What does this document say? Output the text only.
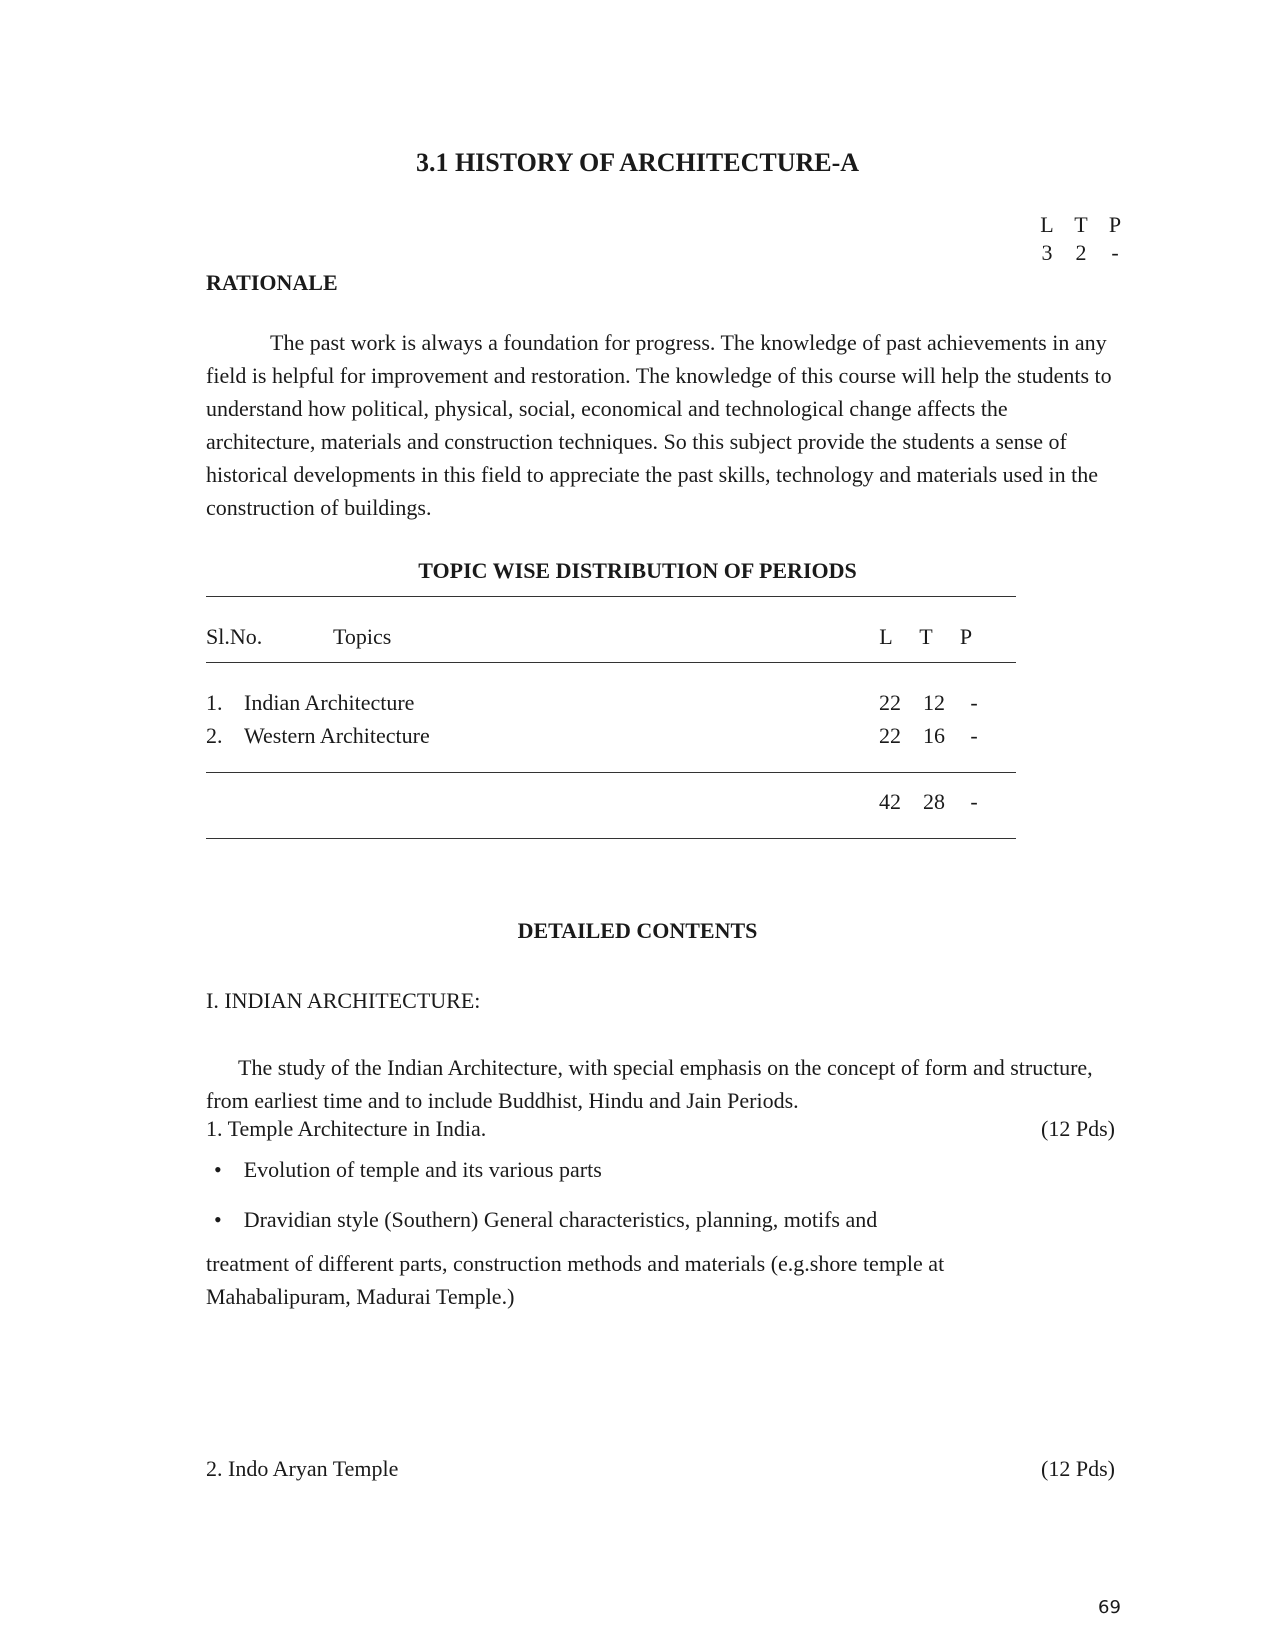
3.1 HISTORY OF ARCHITECTURE-A
L T P
3 2 -
RATIONALE
The past work is always a foundation for progress. The knowledge of past achievements in any field is helpful for improvement and restoration. The knowledge of this course will help the students to understand how political, physical, social, economical and technological change affects the architecture, materials and construction techniques. So this subject provide the students a sense of historical developments in this field to appreciate the past skills, technology and materials used in the construction of buildings.
TOPIC WISE DISTRIBUTION OF PERIODS
Sl.No.	Topics	L	T	P
1. Indian Architecture	22	12	-
2. Western Architecture	22	16	-
42	28	-
DETAILED CONTENTS
I. INDIAN ARCHITECTURE:
The study of the Indian Architecture, with special emphasis on the concept of form and structure, from earliest time and to include Buddhist, Hindu and Jain Periods.
1. Temple Architecture in India.	(12 Pds)
• Evolution of temple and its various parts
• Dravidian style (Southern) General characteristics, planning, motifs and
treatment of different parts, construction methods and materials (e.g.shore temple at Mahabalipuram, Madurai Temple.)
2. Indo Aryan Temple	(12 Pds)
69
